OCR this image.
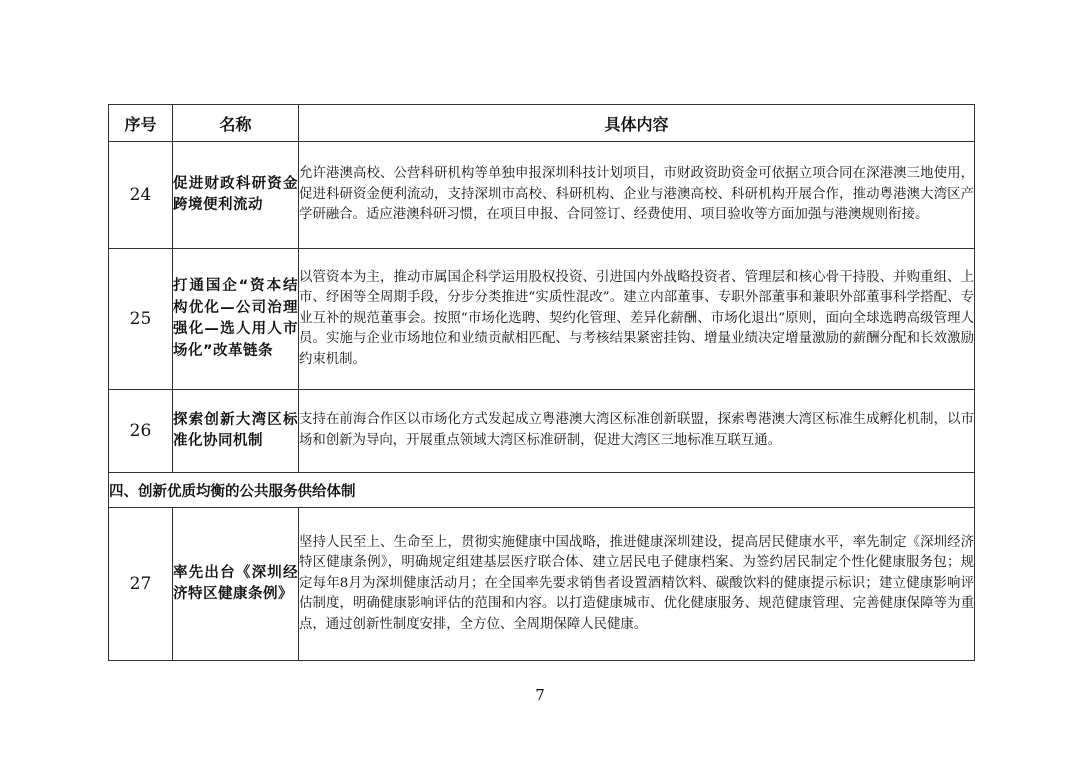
序号	名称	具体内容
24	促进财政科研资金跨境便利流动	允许港澳高校、公营科研机构等单独申报深圳科技计划项目，市财政资助资金可依据立项合同在深港澳三地使用，促进科研资金便利流动，支持深圳市高校、科研机构、企业与港澳高校、科研机构开展合作，推动粤港澳大湾区产学研融合。适应港澳科研习惯，在项目申报、合同签订、经费使用、项目验收等方面加强与港澳规则衔接。
25	打通国企“资本结构优化—公司治理强化—选人用人市场化”改革链条	以管资本为主，推动市属国企科学运用股权投资、引进国内外战略投资者、管理层和核心骨干持股、并购重组、上市、纾困等全周期手段，分步分类推进“实质性混改”。建立内部董事、专职外部董事和兼职外部董事科学搭配、专业互补的规范董事会。按照“市场化选聘、契约化管理、差异化薪酬、市场化退出”原则，面向全球选聘高级管理人员。实施与企业市场地位和业绩贡献相匹配、与考核结果紧密挂钩、增量业绩决定增量激励的薪酬分配和长效激励约束机制。
26	探索创新大湾区标准化协同机制	支持在前海合作区以市场化方式发起成立粤港澳大湾区标准创新联盟，探索粤港澳大湾区标准生成孵化机制，以市场和创新为导向，开展重点领域大湾区标准研制，促进大湾区三地标准互联互通。
四、创新优质均衡的公共服务供给体制		
27	率先出台《深圳经济特区健康条例》	坚持人民至上、生命至上，贯彻实施健康中国战略，推进健康深圳建设，提高居民健康水平，率先制定《深圳经济特区健康条例》，明确规定组建基层医疗联合体、建立居民电子健康档案、为签约居民制定个性化健康服务包；规定每年8月为深圳健康活动月；在全国率先要求销售者设置酒精饮料、碳酸饮料的健康提示标识；建立健康影响评估制度，明确健康影响评估的范围和内容。以打造健康城市、优化健康服务、规范健康管理、完善健康保障等为重点，通过创新性制度安排，全方位、全周期保障人民健康。
7
